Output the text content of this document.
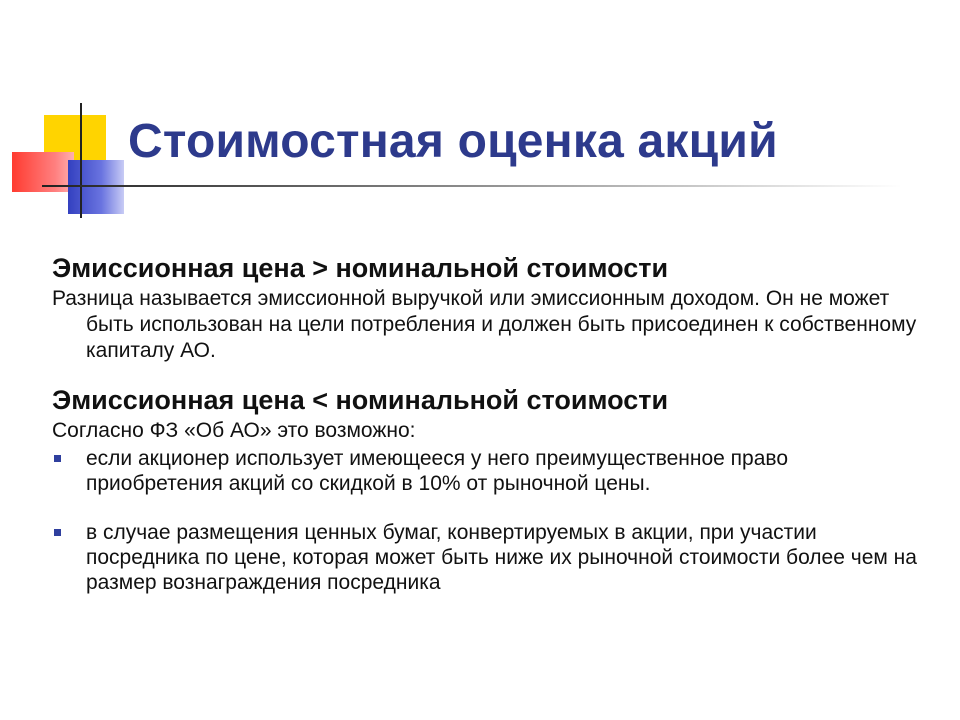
Стоимостная оценка акций

Эмиссионная цена > номинальной стоимости

Разница называется эмиссионной выручкой или эмиссионным доходом. Он не может быть использован на цели потребления и должен быть присоединен к собственному капиталу АО.

Эмиссионная цена < номинальной стоимости

Согласно ФЗ «Об АО» это возможно:

если акционер использует имеющееся у него преимущественное право приобретения акций со скидкой в 10% от рыночной цены.
в случае размещения ценных бумаг, конвертируемых в акции, при участии посредника по цене, которая может быть ниже их рыночной стоимости более чем на размер вознаграждения посредника
